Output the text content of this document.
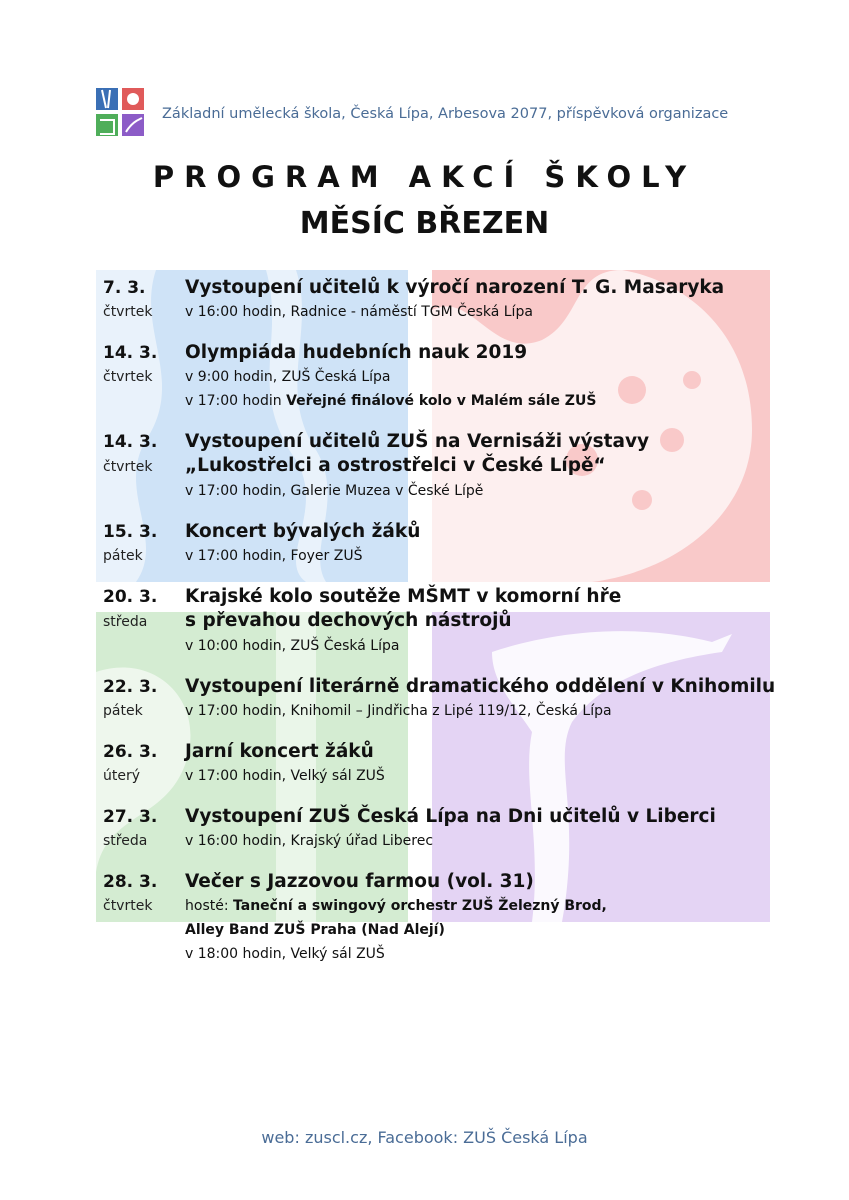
Základní umělecká škola, Česká Lípa, Arbesova 2077, příspěvková organizace
PROGRAM AKCÍ ŠKOLY
MĚSÍC BŘEZEN
7. 3.	Vystoupení učitelů k výročí narození T. G. Masaryka
čtvrtek	v 16:00 hodin, Radnice - náměstí TGM Česká Lípa
14. 3.	Olympiáda hudebních nauk 2019
čtvrtek	v 9:00 hodin, ZUŠ Česká Lípa
v 17:00 hodin Veřejné finálové kolo v Malém sále ZUŠ
14. 3.	Vystoupení učitelů ZUŠ na Vernisáži výstavy
čtvrtek	„Lukostřelci a ostrostřelci v České Lípě“
v 17:00 hodin, Galerie Muzea v České Lípě
15. 3.	Koncert bývalých žáků
pátek	v 17:00 hodin, Foyer ZUŠ
20. 3.	Krajské kolo soutěže MŠMT v komorní hře
středa	s převahou dechových nástrojů
v 10:00 hodin, ZUŠ Česká Lípa
22. 3.	Vystoupení literárně dramatického oddělení v Knihomilu
pátek	v 17:00 hodin, Knihomil – Jindřicha z Lipé 119/12, Česká Lípa
26. 3.	Jarní koncert žáků
úterý	v 17:00 hodin, Velký sál ZUŠ
27. 3.	Vystoupení ZUŠ Česká Lípa na Dni učitelů v Liberci
středa	v 16:00 hodin, Krajský úřad Liberec
28. 3.	Večer s Jazzovou farmou (vol. 31)
čtvrtek	hosté: Taneční a swingový orchestr ZUŠ Železný Brod,
Alley Band ZUŠ Praha (Nad Alejí)
v 18:00 hodin, Velký sál ZUŠ
web: zuscl.cz, Facebook: ZUŠ Česká Lípa
